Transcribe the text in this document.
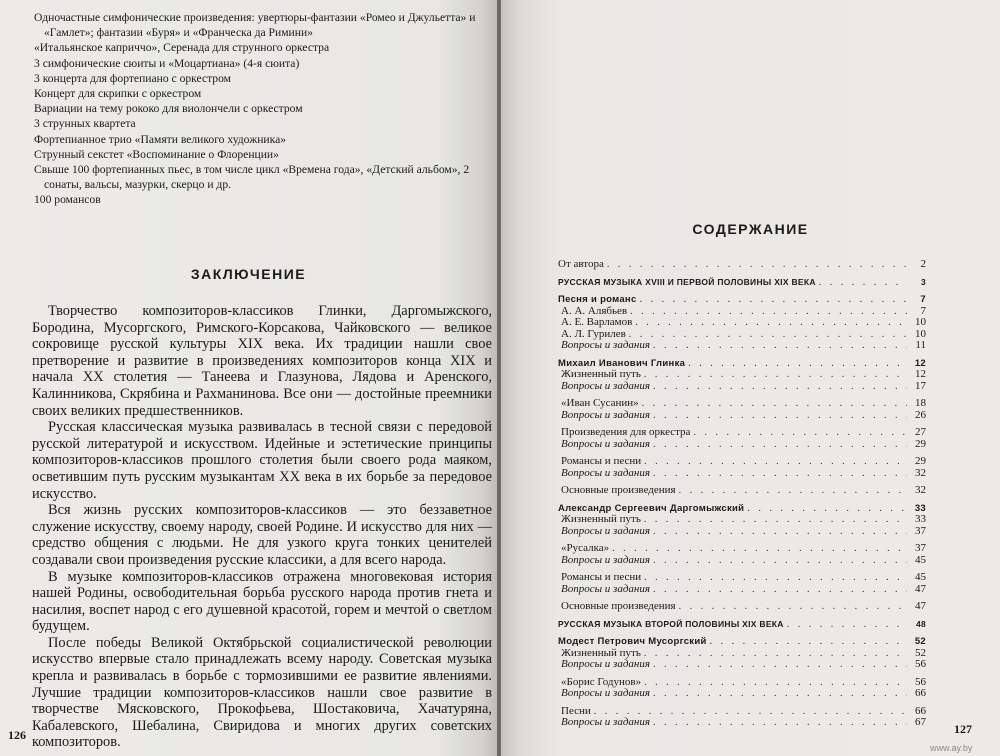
Одночастные симфонические произведения: увертюры-фантазии «Ромео и Джульетта» и «Гамлет»; фантазии «Буря» и «Франческа да Римини»

«Итальянское каприччо», Серенада для струнного оркестра

3 симфонические сюиты и «Моцартиана» (4-я сюита)

3 концерта для фортепиано с оркестром

Концерт для скрипки с оркестром

Вариации на тему рококо для виолончели с оркестром

3 струнных квартета

Фортепианное трио «Памяти великого художника»

Струнный секстет «Воспоминание о Флоренции»

Свыше 100 фортепианных пьес, в том числе цикл «Времена года», «Детский альбом», 2 сонаты, вальсы, мазурки, скерцо и др.

100 романсов

ЗАКЛЮЧЕНИЕ

Творчество композиторов-классиков Глинки, Даргомыжского, Бородина, Мусоргского, Римского-Корсакова, Чайковского — великое сокровище русской культуры XIX века. Их традиции нашли свое претворение и развитие в произведениях композиторов конца XIX и начала XX столетия — Танеева и Глазунова, Лядова и Аренского, Калинникова, Скрябина и Рахманинова. Все они — достойные преемники своих великих предшественников.

Русская классическая музыка развивалась в тесной связи с передовой русской литературой и искусством. Идейные и эстетические принципы композиторов-классиков прошлого столетия были своего рода маяком, осветившим путь русским музыкантам XX века в их борьбе за передовое искусство.

Вся жизнь русских композиторов-классиков — это беззаветное служение искусству, своему народу, своей Родине. И искусство для них — средство общения с людьми. Не для узкого круга тонких ценителей создавали свои произведения русские классики, а для всего народа.

В музыке композиторов-классиков отражена многовековая история нашей Родины, освободительная борьба русского народа против гнета и насилия, воспет народ с его душевной красотой, горем и мечтой о светлом будущем.

После победы Великой Октябрьской социалистической революции искусство впервые стало принадлежать всему народу. Советская музыка крепла и развивалась в борьбе с тормозившими ее развитие явлениями. Лучшие традиции композиторов-классиков нашли свое развитие в творчестве Мясковского, Прокофьева, Шостаковича, Хачатуряна, Кабалевского, Шебалина, Свиридова и многих других советских композиторов.

126
СОДЕРЖАНИЕ
От автора . . .	2
РУССКАЯ МУЗЫКА XVIII И ПЕРВОЙ ПОЛОВИНЫ XIX ВЕКА . . .	3
Песня и романс . . .	7
А. А. Алябьев . . .	7
А. Е. Варламов . . .	10
А. Л. Гурилев . . .	10
Вопросы и задания . . .	11
Михаил Иванович Глинка . . .	12
Жизненный путь . . .	12
Вопросы и задания . . .	17
«Иван Сусанин» . . .	18
Вопросы и задания . . .	26
Произведения для оркестра . . .	27
Вопросы и задания . . .	29
Романсы и песни . . .	29
Вопросы и задания . . .	32
Основные произведения . . .	32
Александр Сергеевич Даргомыжский . . .	33
Жизненный путь . . .	33
Вопросы и задания . . .	37
«Русалка» . . .	37
Вопросы и задания . . .	45
Романсы и песни . . .	45
Вопросы и задания . . .	47
Основные произведения . . .	47
РУССКАЯ МУЗЫКА ВТОРОЙ ПОЛОВИНЫ XIX ВЕКА . . .	48
Модест Петрович Мусоргский . . .	52
Жизненный путь . . .	52
Вопросы и задания . . .	56
«Борис Годунов» . . .	56
Вопросы и задания . . .	66
Песни . . .	66
Вопросы и задания . . .	67 127
www.ay.by
